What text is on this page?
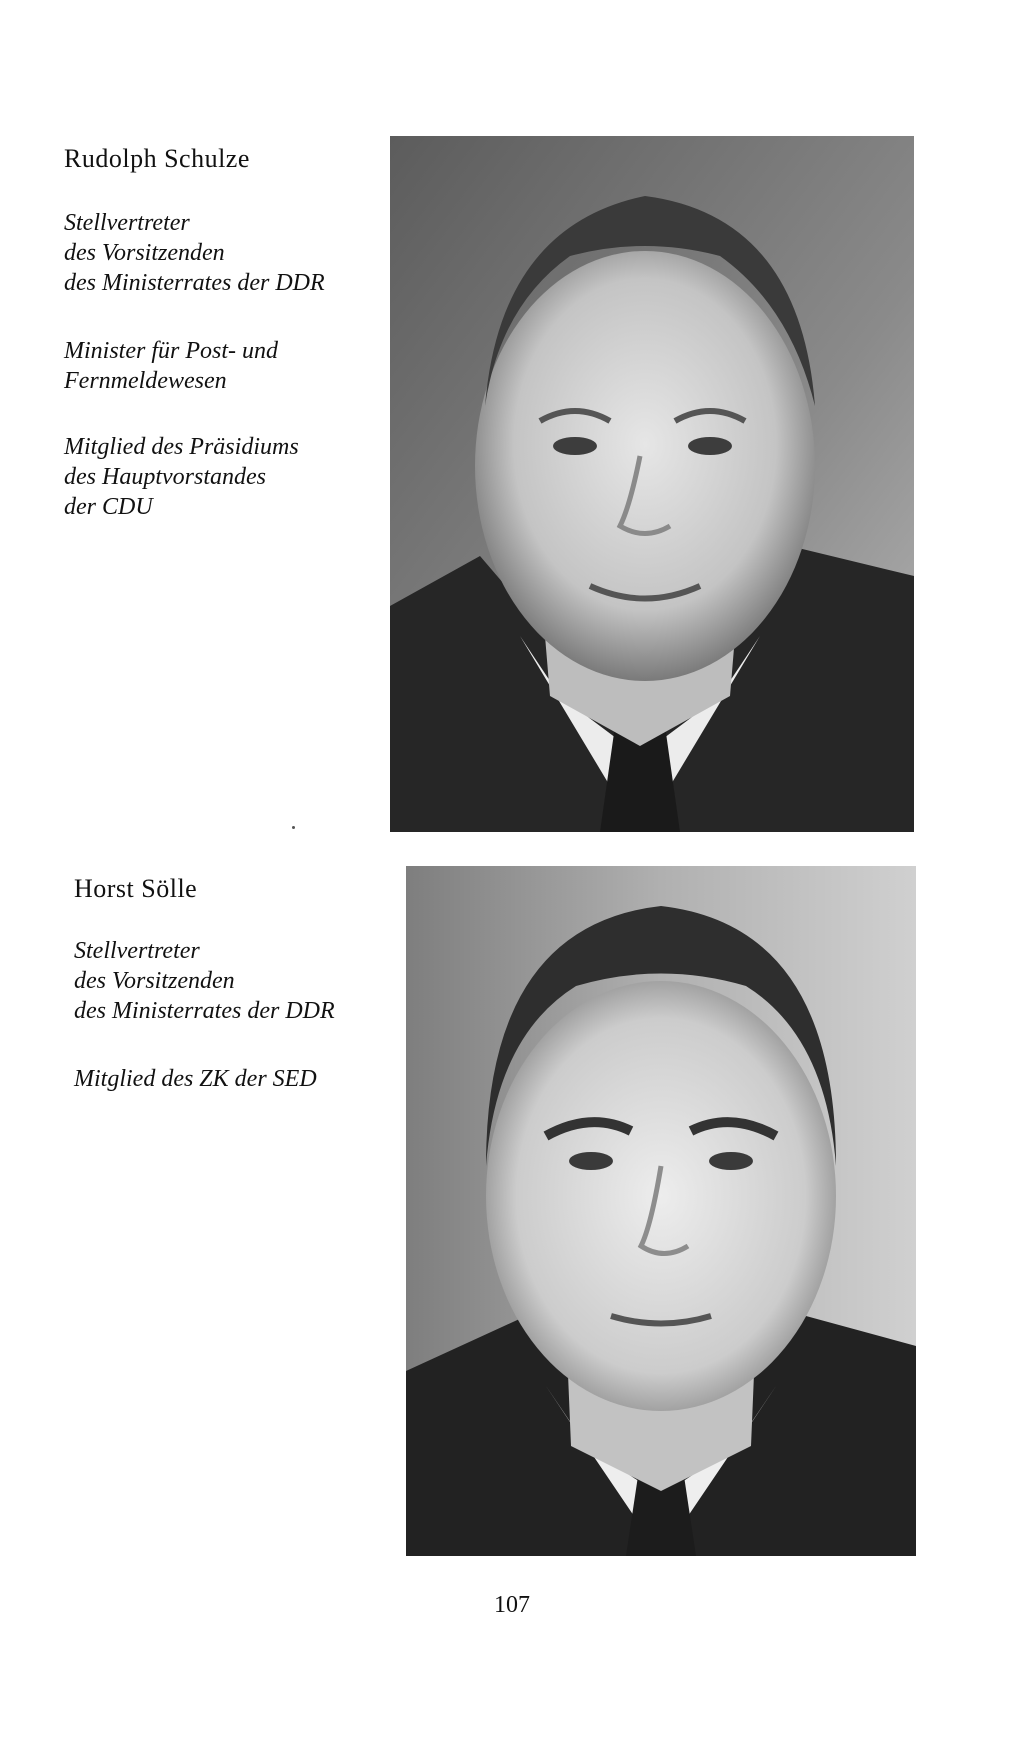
Rudolph Schulze
Stellvertreter
des Vorsitzenden
des Ministerrates der DDR
Minister für Post- und
Fernmeldewesen
Mitglied des Präsidiums
des Hauptvorstandes
der CDU
Horst Sölle
Stellvertreter
des Vorsitzenden
des Ministerrates der DDR
Mitglied des ZK der SED

107
